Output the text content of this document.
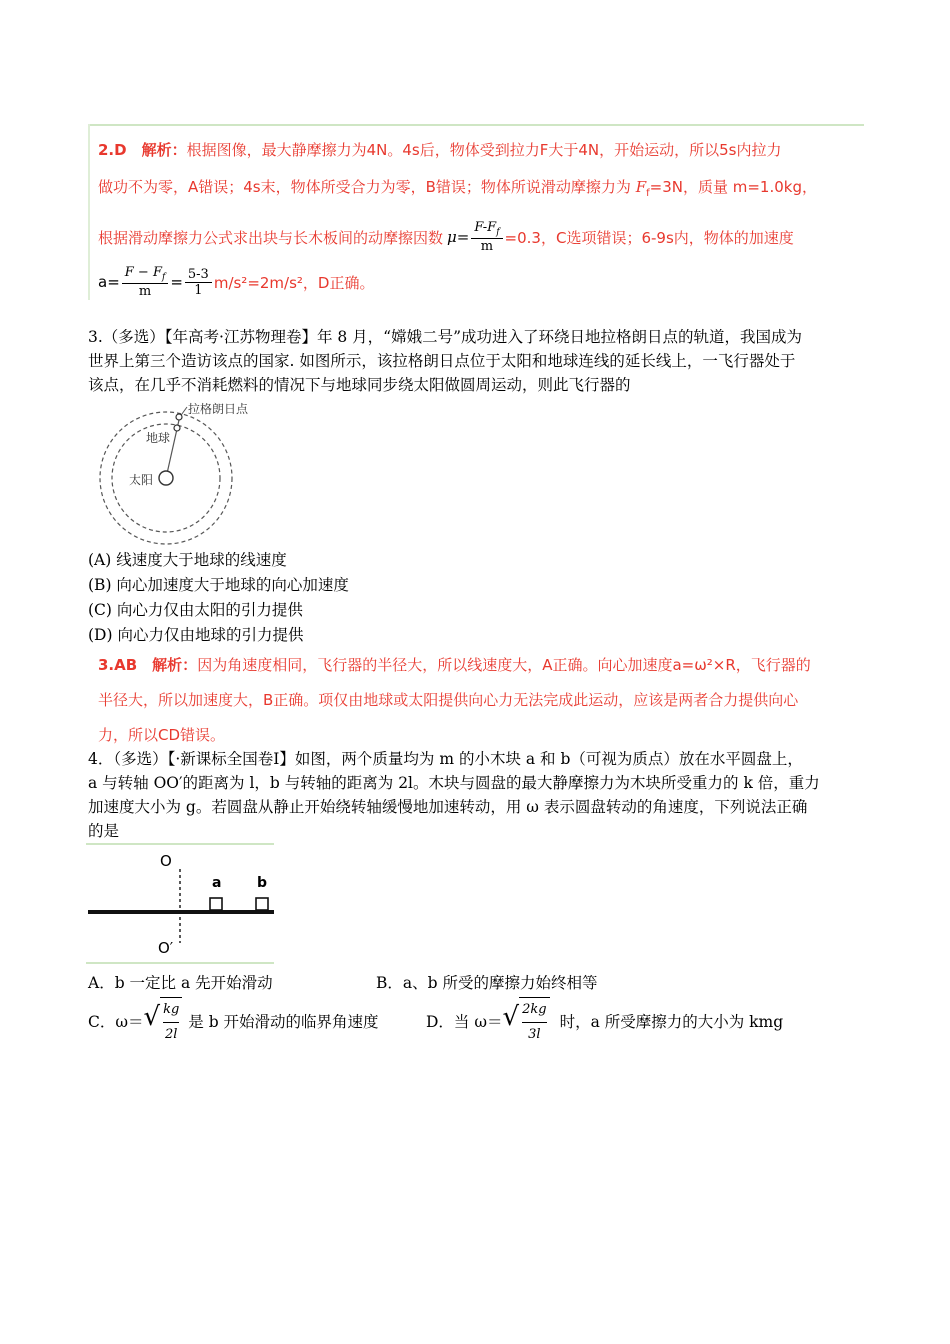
2.D　解析：根据图像，最大静摩擦力为4N。4s后，物体受到拉力F大于4N，开始运动，所以5s内拉力
做功不为零，A错误；4s末，物体所受合力为零，B错误；物体所说滑动摩擦力为 $F_f=3N$，质量 m=1.0kg，
根据滑动摩擦力公式求出块与长木板间的动摩擦因数 $\mu= \frac{F-F_f}{m} =0.3$，C选项错误；6-9s内，物体的加速度
$a= \frac{F - F_f}{m} = \frac{5-3}{1} m/s^2=2m/s^2$，D正确。
3.（多选）【年高考·江苏物理卷】年 8 月，“嫦娥二号”成功进入了环绕日地拉格朗日点的轨道，我国成为
世界上第三个造访该点的国家. 如图所示，该拉格朗日点位于太阳和地球连线的延长线上，一飞行器处于
该点，在几乎不消耗燃料的情况下与地球同步绕太阳做圆周运动，则此飞行器的
拉格朗日点
地球
太阳
(A) 线速度大于地球的线速度
(B) 向心加速度大于地球的向心加速度
(C) 向心力仅由太阳的引力提供
(D) 向心力仅由地球的引力提供
3.AB　解析：因为角速度相同，飞行器的半径大，所以线速度大，A正确。向心加速度a=ω²×R，飞行器的
半径大，所以加速度大，B正确。项仅由地球或太阳提供向心力无法完成此运动，应该是两者合力提供向心
力，所以CD错误。
4．（多选）【·新课标全国卷Ⅰ】如图，两个质量均为 m 的小木块 a 和 b（可视为质点）放在水平圆盘上，
a 与转轴 OO′的距离为 l，b 与转轴的距离为 2l。木块与圆盘的最大静摩擦力为木块所受重力的 k 倍，重力
加速度大小为 g。若圆盘从静止开始绕转轴缓慢地加速转动，用 ω 表示圆盘转动的角速度，下列说法正确
的是
O
O′
a	b
A．b 一定比 a 先开始滑动	B．a、b 所受的摩擦力始终相等
C．ω＝ √ kg
2l
是 b 开始滑动的临界角速度	D．当 ω＝ √ 2kg
3l
时，a 所受摩擦力的大小为 kmg
